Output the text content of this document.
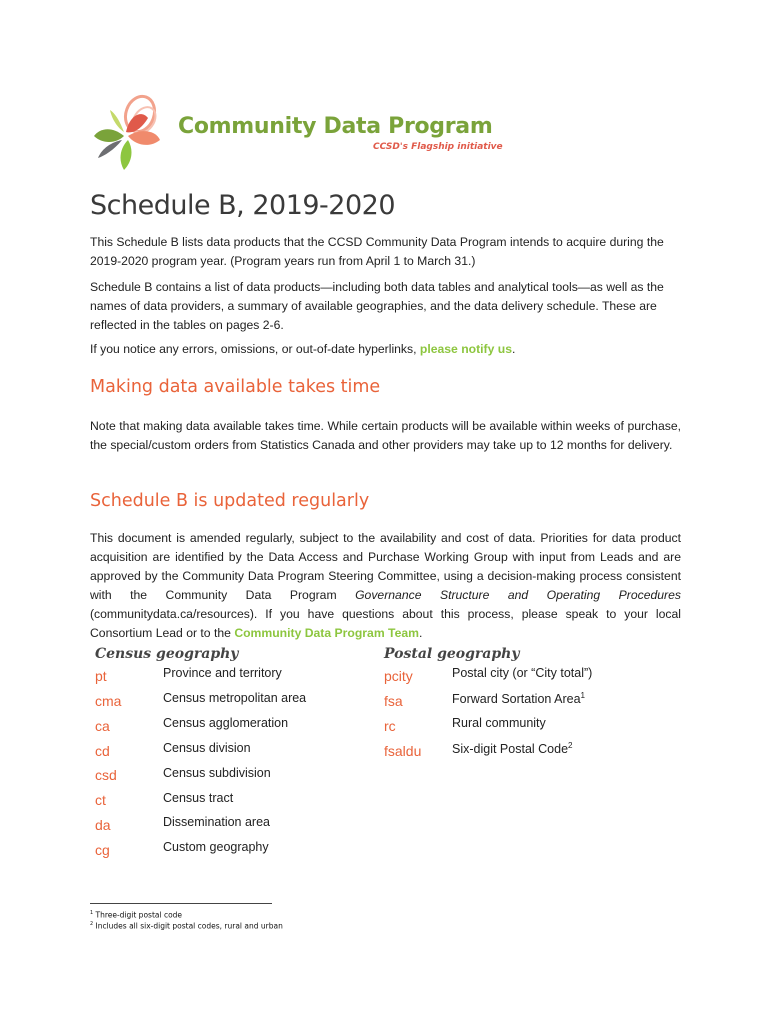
Community Data Program
CCSD's Flagship initiative
Schedule B, 2019-2020

This Schedule B lists data products that the CCSD Community Data Program intends to acquire during the 2019-2020 program year. (Program years run from April 1 to March 31.)

Schedule B contains a list of data products—including both data tables and analytical tools—as well as the names of data providers, a summary of available geographies, and the data delivery schedule. These are reflected in the tables on pages 2-6.

If you notice any errors, omissions, or out-of-date hyperlinks, please notify us.

Making data available takes time

Note that making data available takes time. While certain products will be available within weeks of purchase, the special/custom orders from Statistics Canada and other providers may take up to 12 months for delivery.

Schedule B is updated regularly

This document is amended regularly, subject to the availability and cost of data. Priorities for data product acquisition are identified by the Data Access and Purchase Working Group with input from Leads and are approved by the Community Data Program Steering Committee, using a decision-making process consistent with the Community Data Program Governance Structure and Operating Procedures (communitydata.ca/resources). If you have questions about this process, please speak to your local Consortium Lead or to the Community Data Program Team.

Census geography
pt	Province and territory
cma	Census metropolitan area
ca	Census agglomeration
cd	Census division
csd	Census subdivision
ct	Census tract
da	Dissemination area
cg	Custom geography
Postal geography
pcity	Postal city (or “City total”)
fsa	Forward Sortation Area$^1$
rc	Rural community
fsaldu Six-digit Postal Code$^2$
$^1$ Three-digit postal code
$^2$ Includes all six-digit postal codes, rural and urban
